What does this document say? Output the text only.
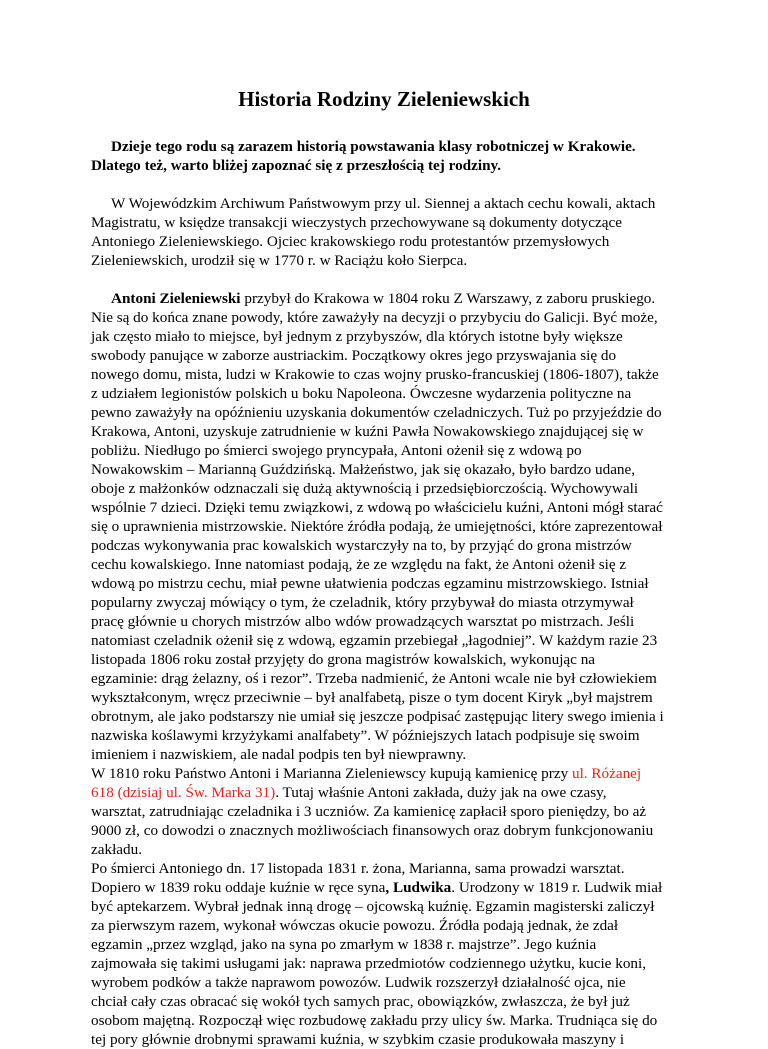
Historia Rodziny Zieleniewskich
Dzieje tego rodu są zarazem historią powstawania klasy robotniczej w Krakowie.
Dlatego też, warto bliżej zapoznać się z przeszłością tej rodziny.
W Wojewódzkim Archiwum Państwowym przy ul. Siennej a aktach cechu kowali, aktach
Magistratu, w księdze transakcji wieczystych przechowywane są dokumenty dotyczące
Antoniego Zieleniewskiego. Ojciec krakowskiego rodu protestantów przemysłowych
Zieleniewskich, urodził się w 1770 r. w Raciążu koło Sierpca.
Antoni Zieleniewski przybył do Krakowa w 1804 roku Z Warszawy, z zaboru pruskiego.
Nie są do końca znane powody, które zaważyły na decyzji o przybyciu do Galicji. Być może,
jak często miało to miejsce, był jednym z przybyszów, dla których istotne były większe
swobody panujące w zaborze austriackim. Początkowy okres jego przyswajania się do
nowego domu, mista, ludzi w Krakowie to czas wojny prusko-francuskiej (1806-1807), także
z udziałem legionistów polskich u boku Napoleona. Ówczesne wydarzenia polityczne na
pewno zaważyły na opóźnieniu uzyskania dokumentów czeladniczych. Tuż po przyjeździe do
Krakowa, Antoni, uzyskuje zatrudnienie w kuźni Pawła Nowakowskiego znajdującej się w
pobliżu. Niedługo po śmierci swojego pryncypała, Antoni ożenił się z wdową po
Nowakowskim – Marianną Guździńską. Małżeństwo, jak się okazało, było bardzo udane,
oboje z małżonków odznaczali się dużą aktywnością i przedsiębiorczością. Wychowywali
wspólnie 7 dzieci. Dzięki temu związkowi, z wdową po właścicielu kuźni, Antoni mógł starać
się o uprawnienia mistrzowskie. Niektóre źródła podają, że umiejętności, które zaprezentował
podczas wykonywania prac kowalskich wystarczyły na to, by przyjąć do grona mistrzów
cechu kowalskiego. Inne natomiast podają, że ze względu na fakt, że Antoni ożenił się z
wdową po mistrzu cechu, miał pewne ułatwienia podczas egzaminu mistrzowskiego. Istniał
popularny zwyczaj mówiący o tym, że czeladnik, który przybywał do miasta otrzymywał
pracę głównie u chorych mistrzów albo wdów prowadzących warsztat po mistrzach. Jeśli
natomiast czeladnik ożenił się z wdową, egzamin przebiegał „łagodniej”. W każdym razie 23
listopada 1806 roku został przyjęty do grona magistrów kowalskich, wykonując na
egzaminie: drąg żelazny, oś i rezor”. Trzeba nadmienić, że Antoni wcale nie był człowiekiem
wykształconym, wręcz przeciwnie – był analfabetą, pisze o tym docent Kiryk „był majstrem
obrotnym, ale jako podstarszy nie umiał się jeszcze podpisać zastępując litery swego imienia i
nazwiska koślawymi krzyżykami analfabety”. W późniejszych latach podpisuje się swoim
imieniem i nazwiskiem, ale nadal podpis ten był niewprawny.
W 1810 roku Państwo Antoni i Marianna Zieleniewscy kupują kamienicę przy ul. Różanej
618 (dzisiaj ul. Św. Marka 31). Tutaj właśnie Antoni zakłada, duży jak na owe czasy,
warsztat, zatrudniając czeladnika i 3 uczniów. Za kamienicę zapłacił sporo pieniędzy, bo aż
9000 zł, co dowodzi o znacznych możliwościach finansowych oraz dobrym funkcjonowaniu
zakładu.
Po śmierci Antoniego dn. 17 listopada 1831 r. żona, Marianna, sama prowadzi warsztat.
Dopiero w 1839 roku oddaje kuźnie w ręce syna, Ludwika. Urodzony w 1819 r. Ludwik miał
być aptekarzem. Wybrał jednak inną drogę – ojcowską kuźnię. Egzamin magisterski zaliczył
za pierwszym razem, wykonał wówczas okucie powozu. Źródła podają jednak, że zdał
egzamin „przez wzgląd, jako na syna po zmarłym w 1838 r. majstrze”. Jego kuźnia
zajmowała się takimi usługami jak: naprawa przedmiotów codziennego użytku, kucie koni,
wyrobem podków a także naprawom powozów. Ludwik rozszerzył działalność ojca, nie
chciał cały czas obracać się wokół tych samych prac, obowiązków, zwłaszcza, że był już
osobom majętną. Rozpoczął więc rozbudowę zakładu przy ulicy św. Marka. Trudniąca się do
tej pory głównie drobnymi sprawami kuźnia, w szybkim czasie produkowała maszyny i
